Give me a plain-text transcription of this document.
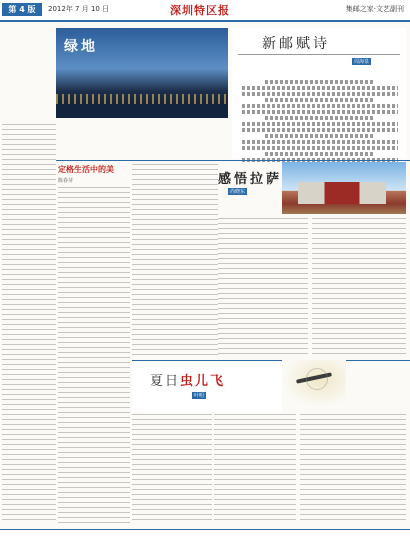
第 4 版	2012年 7 月 10 日	深圳特区报	集邮之家·文艺副刊
绿地	新邮赋诗
周海泉
定格生活中的美
陈春芽	感悟拉萨
尚晓东
夏日虫儿飞
叶明
